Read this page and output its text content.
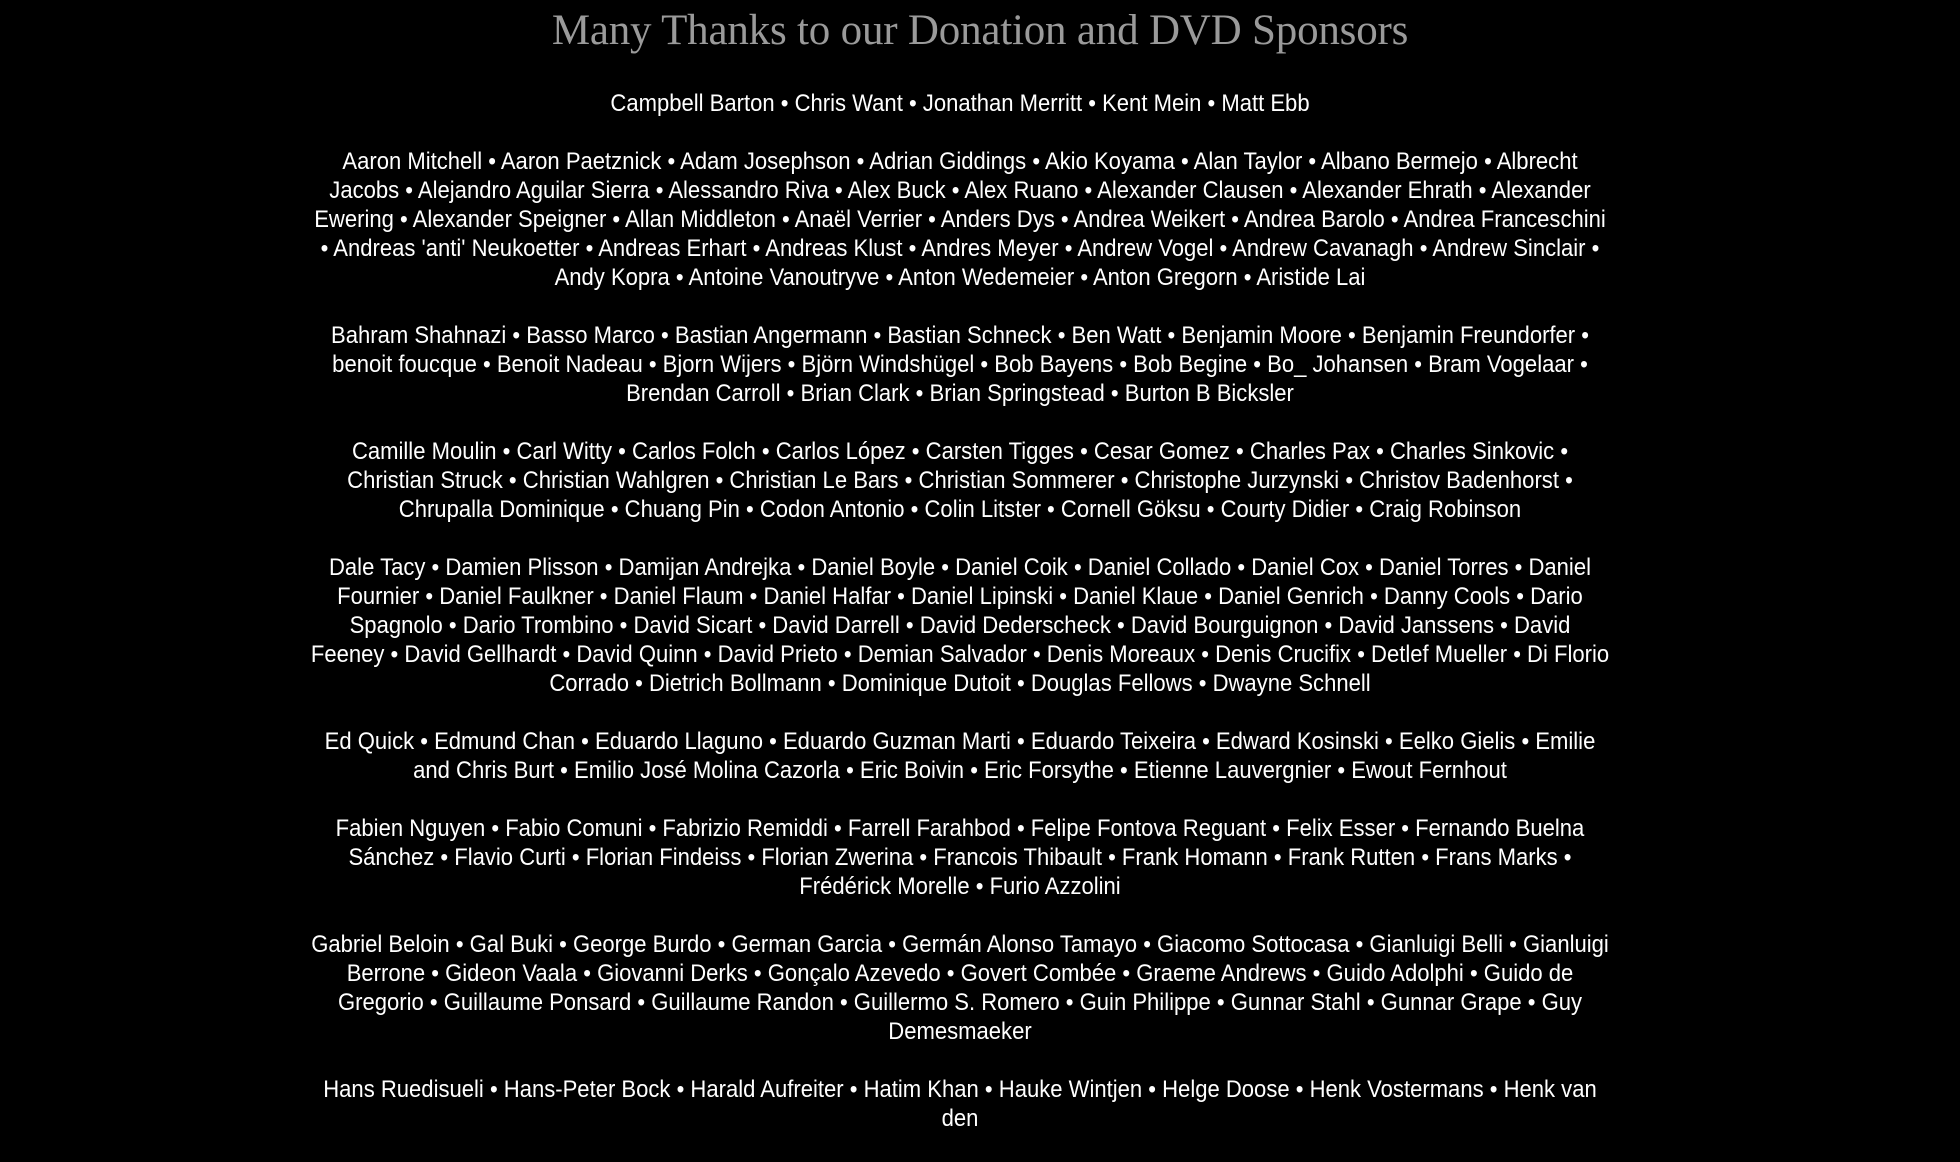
Many Thanks to our Donation and DVD Sponsors

Campbell Barton • Chris Want • Jonathan Merritt • Kent Mein • Matt Ebb

Aaron Mitchell • Aaron Paetznick • Adam Josephson • Adrian Giddings • Akio Koyama • Alan Taylor • Albano Bermejo • Albrecht Jacobs • Alejandro Aguilar Sierra • Alessandro Riva • Alex Buck • Alex Ruano • Alexander Clausen • Alexander Ehrath • Alexander Ewering • Alexander Speigner • Allan Middleton • Anaël Verrier • Anders Dys • Andrea Weikert • Andrea Barolo • Andrea Franceschini • Andreas 'anti' Neukoetter • Andreas Erhart • Andreas Klust • Andres Meyer • Andrew Vogel • Andrew Cavanagh • Andrew Sinclair • Andy Kopra • Antoine Vanoutryve • Anton Wedemeier • Anton Gregorn • Aristide Lai

Bahram Shahnazi • Basso Marco • Bastian Angermann • Bastian Schneck • Ben Watt • Benjamin Moore • Benjamin Freundorfer • benoit foucque • Benoit Nadeau • Bjorn Wijers • Björn Windshügel • Bob Bayens • Bob Begine • Bo_ Johansen • Bram Vogelaar • Brendan Carroll • Brian Clark • Brian Springstead • Burton B Bicksler

Camille Moulin • Carl Witty • Carlos Folch • Carlos López • Carsten Tigges • Cesar Gomez • Charles Pax • Charles Sinkovic • Christian Struck • Christian Wahlgren • Christian Le Bars • Christian Sommerer • Christophe Jurzynski • Christov Badenhorst • Chrupalla Dominique • Chuang Pin • Codon Antonio • Colin Litster • Cornell Göksu • Courty Didier • Craig Robinson

Dale Tacy • Damien Plisson • Damijan Andrejka • Daniel Boyle • Daniel Coik • Daniel Collado • Daniel Cox • Daniel Torres • Daniel Fournier • Daniel Faulkner • Daniel Flaum • Daniel Halfar • Daniel Lipinski • Daniel Klaue • Daniel Genrich • Danny Cools • Dario Spagnolo • Dario Trombino • David Sicart • David Darrell • David Dederscheck • David Bourguignon • David Janssens • David Feeney • David Gellhardt • David Quinn • David Prieto • Demian Salvador • Denis Moreaux • Denis Crucifix • Detlef Mueller • Di Florio Corrado • Dietrich Bollmann • Dominique Dutoit • Douglas Fellows • Dwayne Schnell

Ed Quick • Edmund Chan • Eduardo Llaguno • Eduardo Guzman Marti • Eduardo Teixeira • Edward Kosinski • Eelko Gielis • Emilie and Chris Burt • Emilio José Molina Cazorla • Eric Boivin • Eric Forsythe • Etienne Lauvergnier • Ewout Fernhout

Fabien Nguyen • Fabio Comuni • Fabrizio Remiddi • Farrell Farahbod • Felipe Fontova Reguant • Felix Esser • Fernando Buelna Sánchez • Flavio Curti • Florian Findeiss • Florian Zwerina • Francois Thibault • Frank Homann • Frank Rutten • Frans Marks • Frédérick Morelle • Furio Azzolini

Gabriel Beloin • Gal Buki • George Burdo • German Garcia • Germán Alonso Tamayo • Giacomo Sottocasa • Gianluigi Belli • Gianluigi Berrone • Gideon Vaala • Giovanni Derks • Gonçalo Azevedo • Govert Combée • Graeme Andrews • Guido Adolphi • Guido de Gregorio • Guillaume Ponsard • Guillaume Randon • Guillermo S. Romero • Guin Philippe • Gunnar Stahl • Gunnar Grape • Guy Demesmaeker

Hans Ruedisueli • Hans-Peter Bock • Harald Aufreiter • Hatim Khan • Hauke Wintjen • Helge Doose • Henk Vostermans • Henk van den
